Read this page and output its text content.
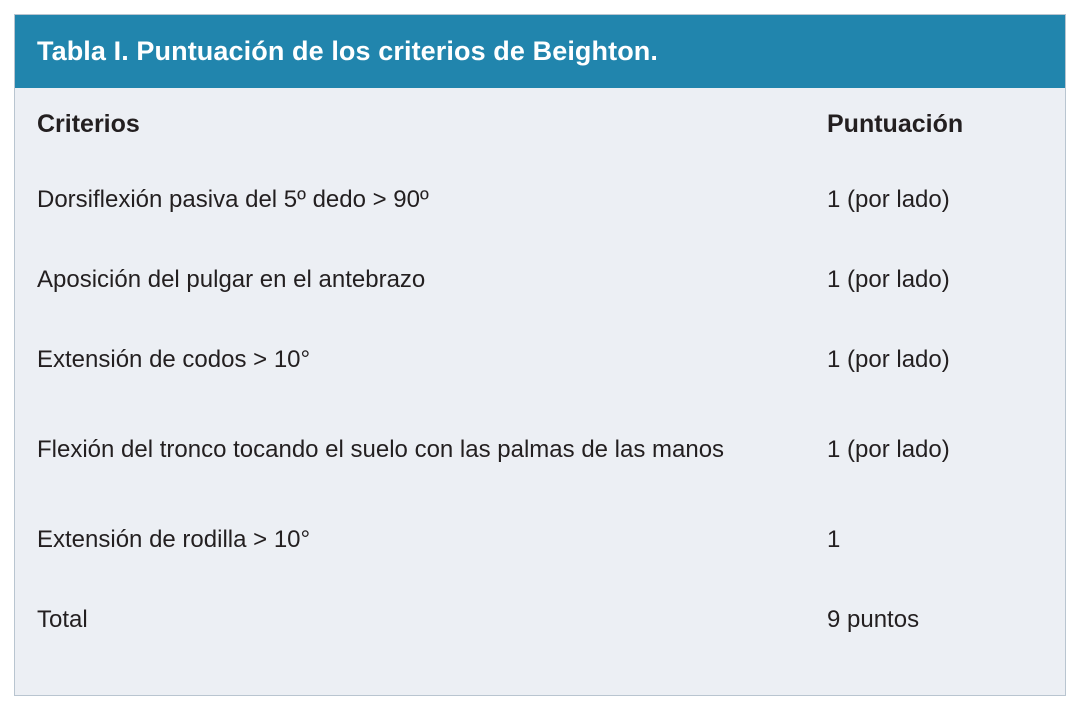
Tabla I. Puntuación de los criterios de Beighton.
Criterios	Puntuación
Dorsiflexión pasiva del 5º dedo > 90º	1 (por lado)
Aposición del pulgar en el antebrazo	1 (por lado)
Extensión de codos > 10°	1 (por lado)
Flexión del tronco tocando el suelo con las palmas de las manos	1 (por lado)
Extensión de rodilla > 10°	1
Total	9 puntos
